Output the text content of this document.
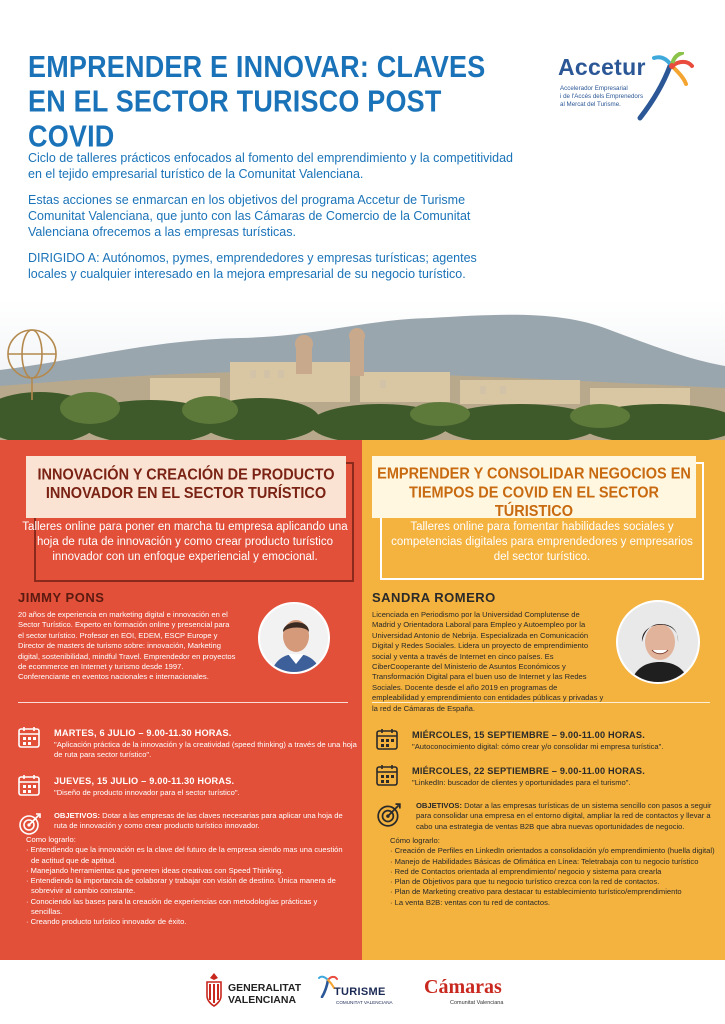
EMPRENDER E INNOVAR: CLAVES
EN EL SECTOR TURISCO POST COVID
Accetur
Accelerador Empresarial
i de l'Accés dels Emprenedors
al Mercat del Turisme.

Ciclo de talleres prácticos enfocados al fomento del emprendimiento y la competitividad en el tejido empresarial turístico de la Comunitat Valenciana.

Estas acciones se enmarcan en los objetivos del programa Accetur de Turisme Comunitat Valenciana, que junto con las Cámaras de Comercio de la Comunitat Valenciana ofrecemos a las empresas turísticas.

DIRIGIDO A: Autónomos, pymes, emprendedores y empresas turísticas; agentes locales y cualquier interesado en la mejora empresarial de su negocio turístico.

INNOVACIÓN Y CREACIÓN DE PRODUCTO
INNOVADOR EN EL SECTOR TURÍSTICO
Talleres online para poner en marcha tu empresa aplicando una hoja de ruta de innovación y como crear producto turístico innovador con un enfoque experiencial y emocional.
JIMMY PONS
20 años de experiencia en marketing digital e innovación en el Sector Turístico. Experto en formación online y presencial para el sector turístico. Profesor en EOI, EDEM, ESCP Europe y Director de masters de turismo sobre: innovación, Marketing digital, sostenibilidad, mindful Travel. Emprendedor en proyectos de ecommerce en Internet y turismo desde 1997. Conferenciante en eventos nacionales e internacionales.
MARTES, 6 JULIO – 9.00-11.30 HORAS.
"Aplicación práctica de la innovación y la creatividad (speed thinking) a través de una hoja de ruta para sector turístico".
JUEVES, 15 JULIO – 9.00-11.30 HORAS.
"Diseño de producto innovador para el sector turístico".
OBJETIVOS: Dotar a las empresas de las claves necesarias para aplicar una hoja de ruta de innovación y como crear producto turístico innovador.
Como lograrlo:
· Entendiendo que la innovación es la clave del futuro de la empresa siendo mas una cuestión de actitud que de aptitud.
· Manejando herramientas que generen ideas creativas con Speed Thinking.
· Entendiendo la importancia de colaborar y trabajar con visión de destino. Única manera de sobrevivir al cambio constante.
· Conociendo las bases para la creación de experiencias con metodologías prácticas y sencillas.
· Creando producto turístico innovador de éxito.
EMPRENDER Y CONSOLIDAR NEGOCIOS EN
TIEMPOS DE COVID EN EL SECTOR TÚRISTICO
Talleres online para fomentar habilidades sociales y competencias digitales para emprendedores y empresarios del sector turístico.
SANDRA ROMERO
Licenciada en Periodismo por la Universidad Complutense de Madrid y Orientadora Laboral para Empleo y Autoempleo por la Universidad Antonio de Nebrija. Especializada en Comunicación Digital y Redes Sociales. Lidera un proyecto de emprendimiento social y venta a través de Internet en cinco países. Es CiberCooperante del Ministerio de Asuntos Económicos y Transformación Digital para el buen uso de Internet y las Redes Sociales. Docente desde el año 2019 en programas de empleabilidad y emprendimiento con entidades públicas y privadas y la red de Cámaras de España.
MIÉRCOLES, 15 SEPTIEMBRE – 9.00-11.00 HORAS.
"Autoconocimiento digital: cómo crear y/o consolidar mi empresa turística".
MIÉRCOLES, 22 SEPTIEMBRE – 9.00-11.00 HORAS.
"LinkedIn: buscador de clientes y oportunidades para el turismo".
OBJETIVOS: Dotar a las empresas turísticas de un sistema sencillo con pasos a seguir para consolidar una empresa en el entorno digital, ampliar la red de contactos y llevar a cabo una estrategia de ventas B2B que abra nuevas oportunidades de negocio.
Cómo lograrlo:
· Creación de Perfiles en LinkedIn orientados a consolidación y/o emprendimiento (huella digital)
· Manejo de Habilidades Básicas de Ofimática en Línea: Teletrabaja con tu negocio turístico
· Red de Contactos orientada al emprendimiento/ negocio y sistema para crearla
· Plan de Objetivos para que tu negocio turístico crezca con la red de contactos.
· Plan de Marketing creativo para destacar tu establecimiento turístico/emprendimiento
· La venta B2B: ventas con tu red de contactos.
GENERALITAT
VALENCIANA
TURISME
COMUNITAT VALENCIANA
Cámaras
Comunitat Valenciana
